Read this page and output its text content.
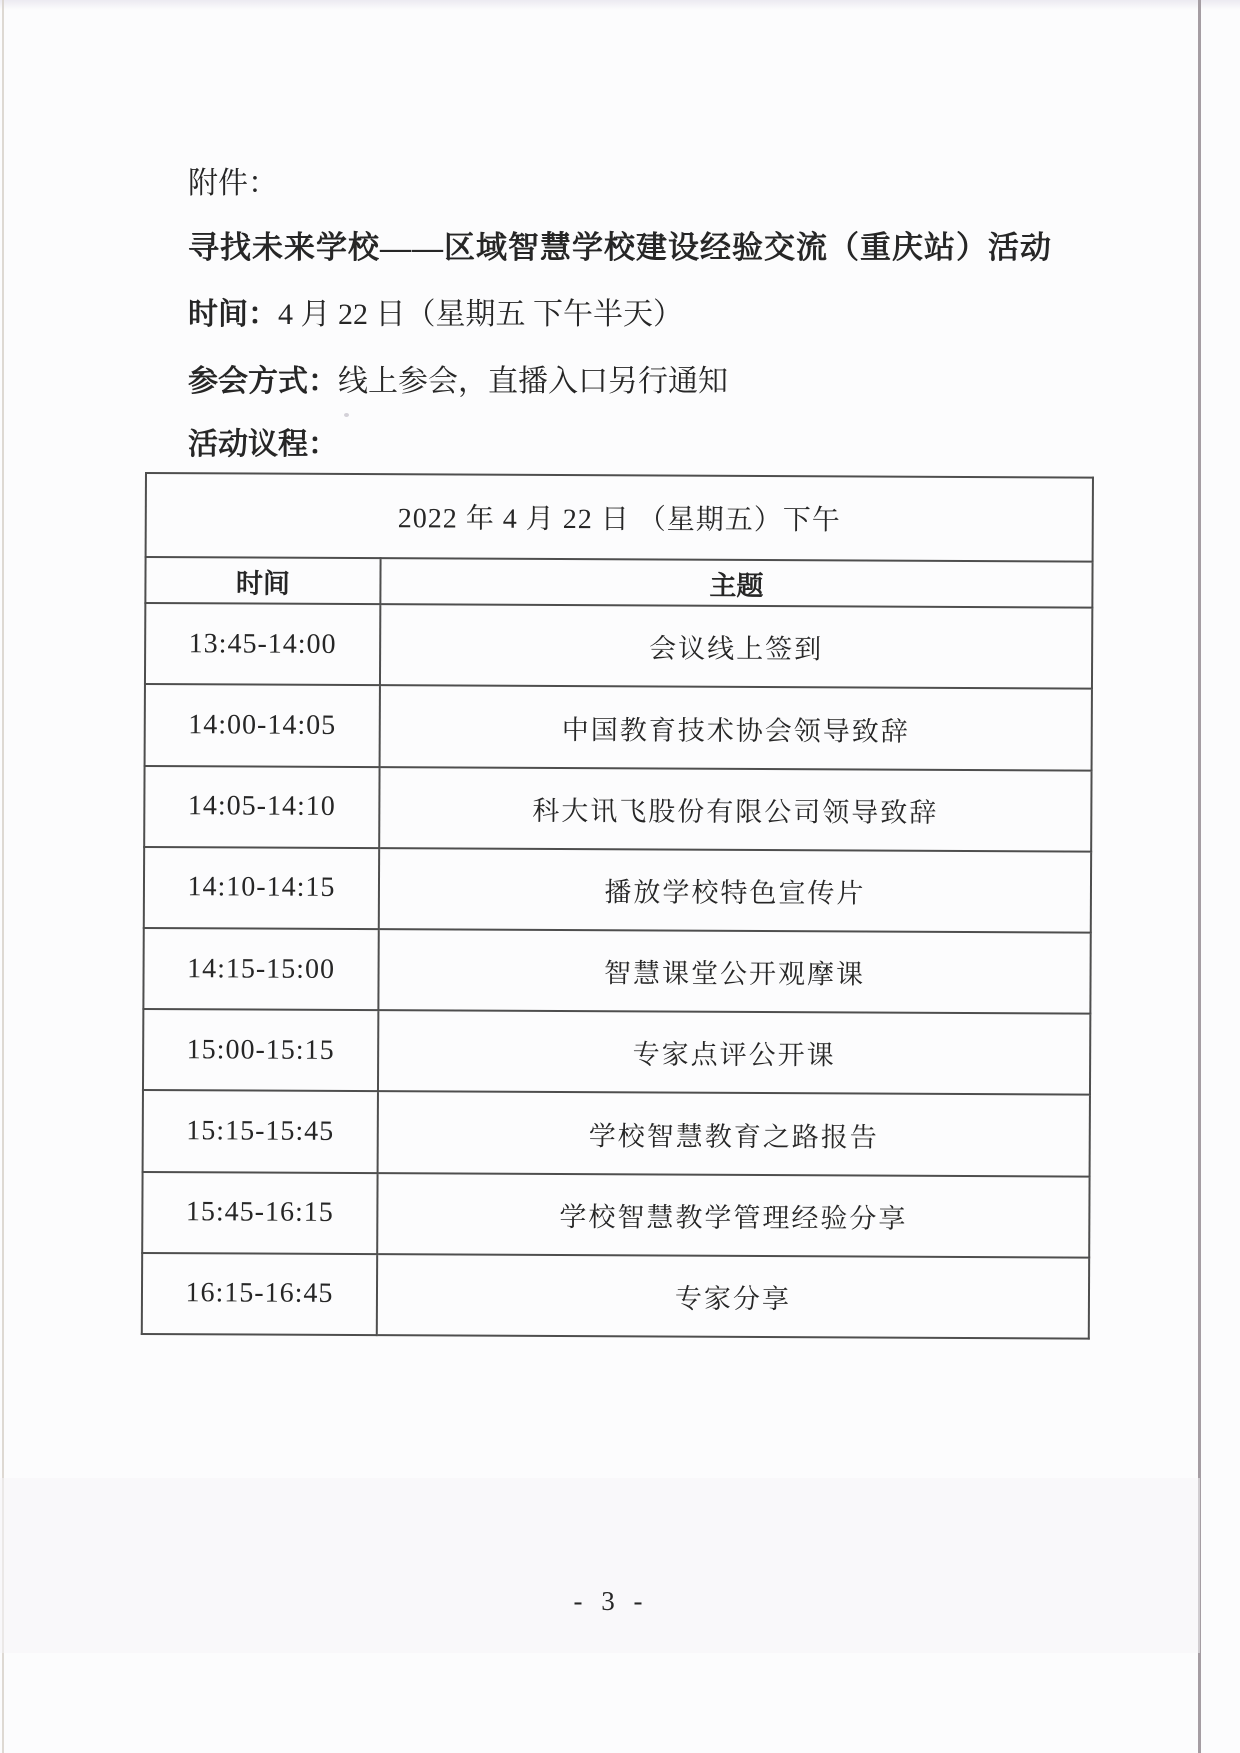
附件：
寻找未来学校——区域智慧学校建设经验交流（重庆站）活动
时间：4 月 22 日（星期五 下午半天）
参会方式：线上参会，直播入口另行通知
活动议程：
2022 年 4 月 22 日 （星期五）下午	
时间	主题
13:45-14:00	会议线上签到
14:00-14:05	中国教育技术协会领导致辞
14:05-14:10	科大讯飞股份有限公司领导致辞
14:10-14:15	播放学校特色宣传片
14:15-15:00	智慧课堂公开观摩课
15:00-15:15	专家点评公开课
15:15-15:45	学校智慧教育之路报告
15:45-16:15	学校智慧教学管理经验分享
16:15-16:45	专家分享
- 3 -
